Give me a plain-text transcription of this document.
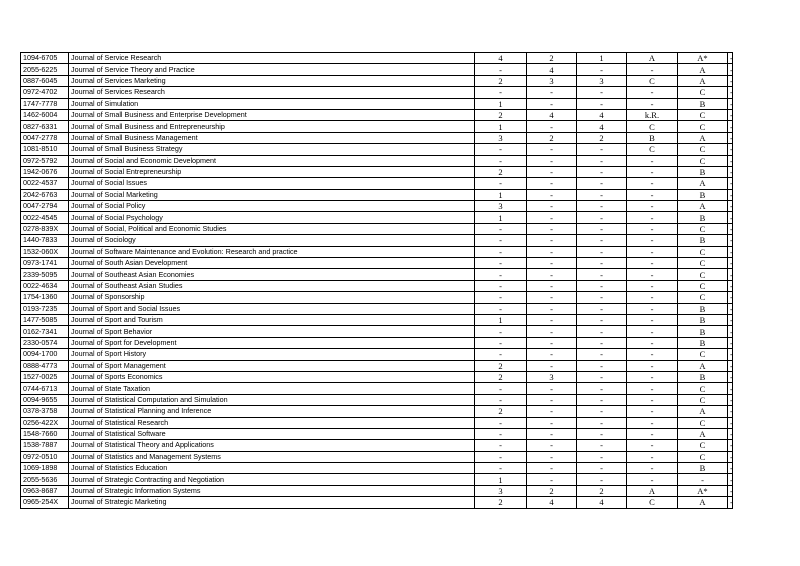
1094-6705	Journal of Service Research	4	2	1	A	A*	-
2055-6225	Journal of Service Theory and Practice	-	4	-	-	A	-
0887-6045	Journal of Services Marketing	2	3	3	C	A	-
0972-4702	Journal of Services Research	-	-	-	-	C	-
1747-7778	Journal of Simulation	1	-	-	-	B	-
1462-6004	Journal of Small Business and Enterprise Development	2	4	4	k.R.	C	-
0827-6331	Journal of Small Business and Entrepreneurship	1	-	4	C	C	-
0047-2778	Journal of Small Business Management	3	2	2	B	A	-
1081-8510	Journal of Small Business Strategy	-	-	-	C	C	-
0972-5792	Journal of Social and Economic Development	-	-	-	-	C	-
1942-0676	Journal of Social Entrepreneurship	2	-	-	-	B	-
0022-4537	Journal of Social Issues	-	-	-	-	A	-
2042-6763	Journal of Social Marketing	1	-	-	-	B	-
0047-2794	Journal of Social Policy	3	-	-	-	A	-
0022-4545	Journal of Social Psychology	1	-	-	-	B	-
0278-839X	Journal of Social, Political and Economic Studies	-	-	-	-	C	-
1440-7833	Journal of Sociology	-	-	-	-	B	-
1532-060X	Journal of Software Maintenance and Evolution: Research and practice	-	-	-	-	C	-
0973-1741	Journal of South Asian Development	-	-	-	-	C	-
2339-5095	Journal of Southeast Asian Economies	-	-	-	-	C	-
0022-4634	Journal of Southeast Asian Studies	-	-	-	-	C	-
1754-1360	Journal of Sponsorship	-	-	-	-	C	-
0193-7235	Journal of Sport and Social Issues	-	-	-	-	B	-
1477-5085	Journal of Sport and Tourism	1	-	-	-	B	-
0162-7341	Journal of Sport Behavior	-	-	-	-	B	-
2330-0574	Journal of Sport for Development	-	-	-	-	B	-
0094-1700	Journal of Sport History	-	-	-	-	C	-
0888-4773	Journal of Sport Management	2	-	-	-	A	-
1527-0025	Journal of Sports Economics	2	3	-	-	B	-
0744-6713	Journal of State Taxation	-	-	-	-	C	-
0094-9655	Journal of Statistical Computation and Simulation	-	-	-	-	C	-
0378-3758	Journal of Statistical Planning and Inference	2	-	-	-	A	-
0256-422X	Journal of Statistical Research	-	-	-	-	C	-
1548-7660	Journal of Statistical Software	-	-	-	-	A	-
1538-7887	Journal of Statistical Theory and Applications	-	-	-	-	C	-
0972-0510	Journal of Statistics and Management Systems	-	-	-	-	C	-
1069-1898	Journal of Statistics Education	-	-	-	-	B	-
2055-5636	Journal of Strategic Contracting and Negotiation	1	-	-	-	-	-
0963-8687	Journal of Strategic Information Systems	3	2	2	A	A*	-
0965-254X	Journal of Strategic Marketing	2	4	4	C	A	-
